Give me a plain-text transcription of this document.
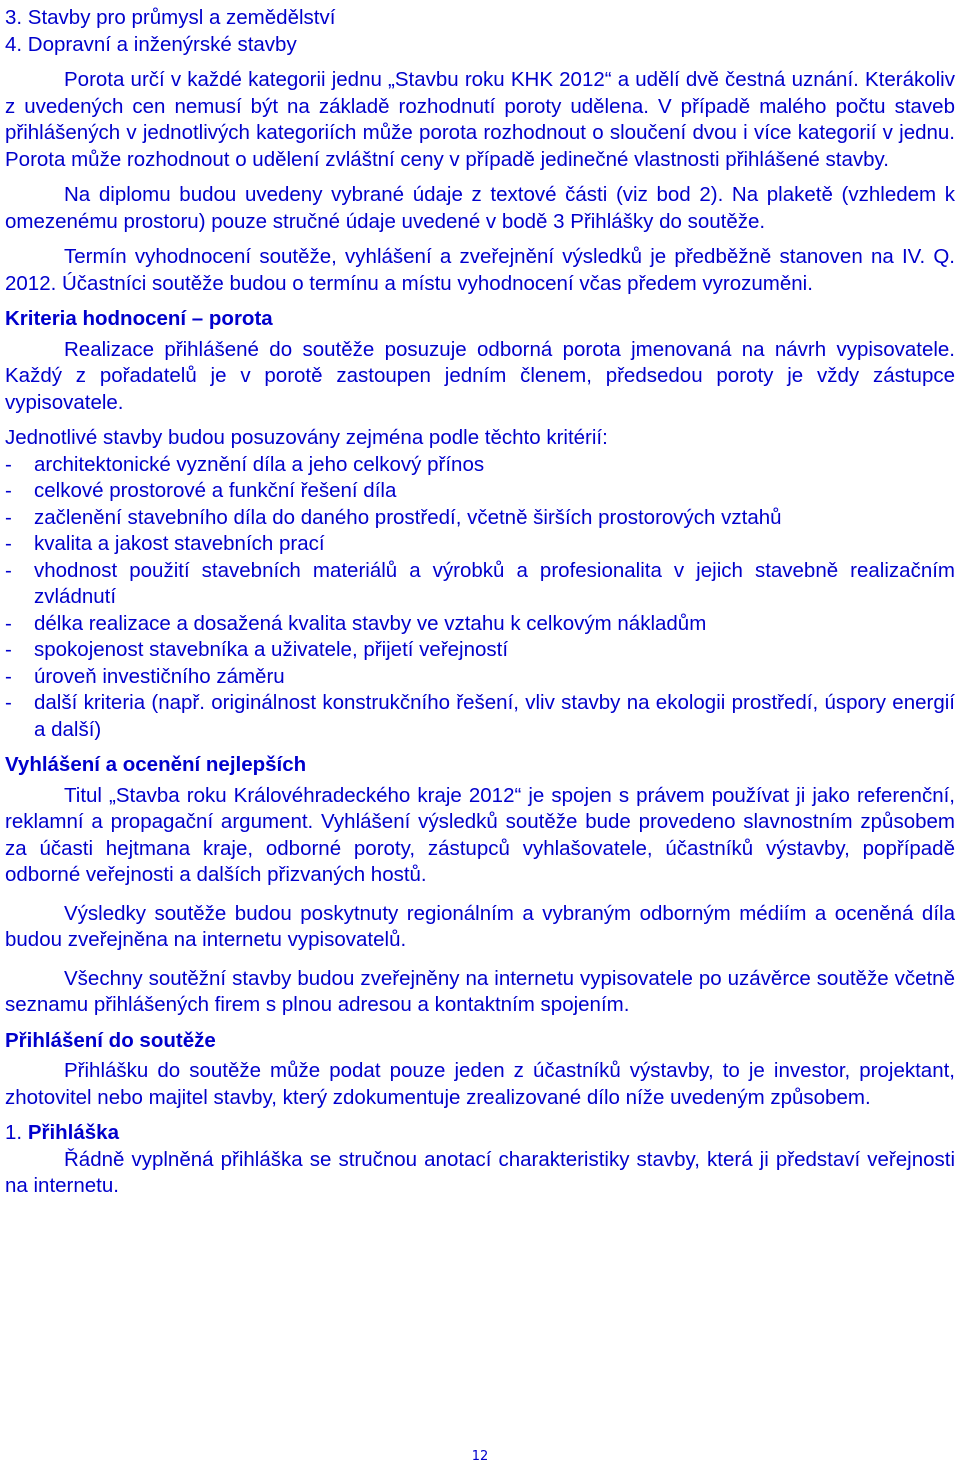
3. Stavby pro průmysl a zemědělství

4. Dopravní a inženýrské stavby

Porota určí v každé kategorii jednu „Stavbu roku KHK 2012“ a udělí dvě čestná uznání. Kterákoliv z uvedených cen nemusí být na základě rozhodnutí poroty udělena. V případě malého počtu staveb přihlášených v jednotlivých kategoriích může porota rozhodnout o sloučení dvou i více kategorií v jednu. Porota může rozhodnout o udělení zvláštní ceny v případě jedinečné vlastnosti přihlášené stavby.

Na diplomu budou uvedeny vybrané údaje z textové části (viz bod 2). Na plaketě (vzhledem k omezenému prostoru) pouze stručné údaje uvedené v bodě 3 Přihlášky do soutěže.

Termín vyhodnocení soutěže, vyhlášení a zveřejnění výsledků je předběžně stanoven na IV. Q. 2012. Účastníci soutěže budou o termínu a místu vyhodnocení včas předem vyrozuměni.

Kriteria hodnocení – porota

Realizace přihlášené do soutěže posuzuje odborná porota jmenovaná na návrh vypisovatele. Každý z pořadatelů je v porotě zastoupen jedním členem, předsedou poroty je vždy zástupce vypisovatele.

Jednotlivé stavby budou posuzovány zejména podle těchto kritérií:

- architektonické vyznění díla a jeho celkový přínos
- celkové prostorové a funkční řešení díla
- začlenění stavebního díla do daného prostředí, včetně širších prostorových vztahů
- kvalita a jakost stavebních prací
- vhodnost použití stavebních materiálů a výrobků a profesionalita v jejich stavebně realizačním zvládnutí
- délka realizace a dosažená kvalita stavby ve vztahu k celkovým nákladům
- spokojenost stavebníka a uživatele, přijetí veřejností
- úroveň investičního záměru
- další kriteria (např. originálnost konstrukčního řešení, vliv stavby na ekologii prostředí, úspory energií a další)

Vyhlášení a ocenění nejlepších

Titul „Stavba roku Královéhradeckého kraje 2012“ je spojen s právem používat ji jako referenční, reklamní a propagační argument. Vyhlášení výsledků soutěže bude provedeno slavnostním způsobem za účasti hejtmana kraje, odborné poroty, zástupců vyhlašovatele, účastníků výstavby, popřípadě odborné veřejnosti a dalších přizvaných hostů.

Výsledky soutěže budou poskytnuty regionálním a vybraným odborným médiím a oceněná díla budou zveřejněna na internetu vypisovatelů.

Všechny soutěžní stavby budou zveřejněny na internetu vypisovatele po uzávěrce soutěže včetně seznamu přihlášených firem s plnou adresou a kontaktním spojením.

Přihlášení do soutěže

Přihlášku do soutěže může podat pouze jeden z účastníků výstavby, to je investor, projektant, zhotovitel nebo majitel stavby, který zdokumentuje zrealizované dílo níže uvedeným způsobem.

1. Přihláška

Řádně vyplněná přihláška se stručnou anotací charakteristiky stavby, která ji představí veřejnosti na internetu.

12
